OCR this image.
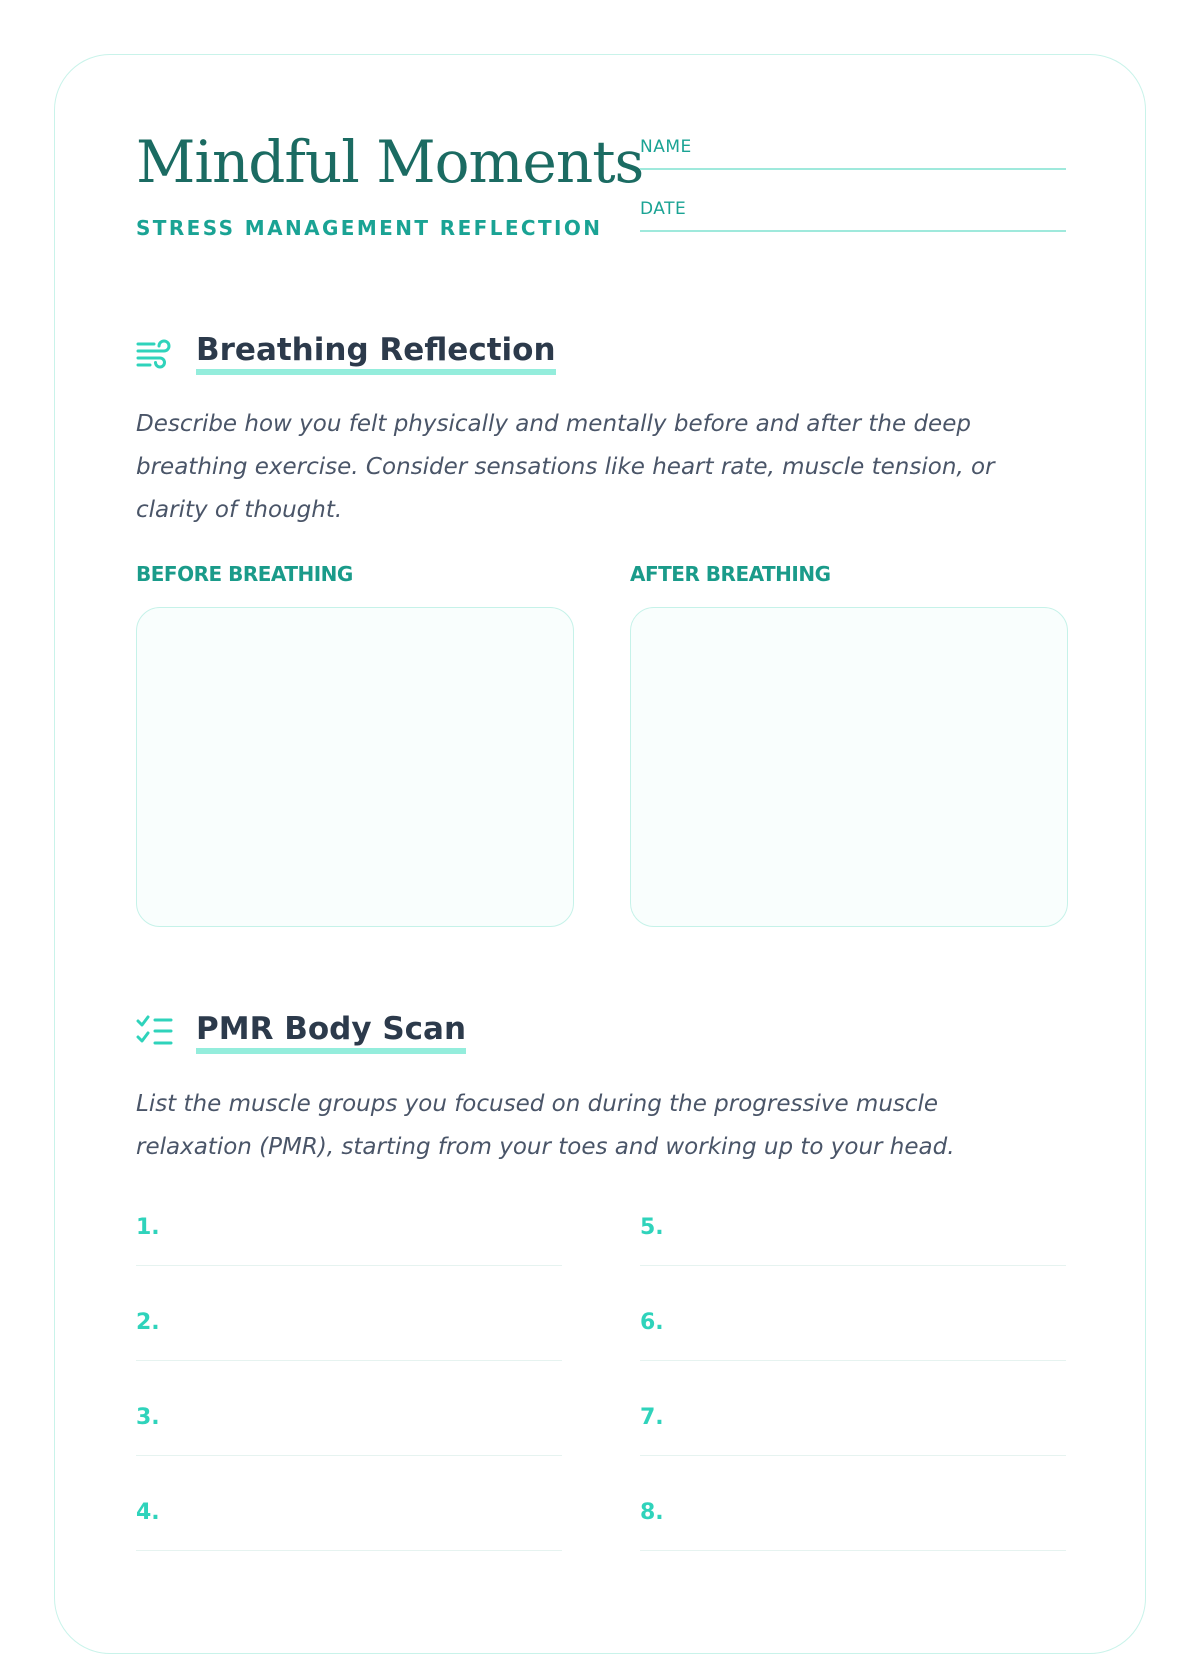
Mindful Moments
STRESS MANAGEMENT REFLECTION
NAME
DATE
Breathing Reflection

Describe how you felt physically and mentally before and after the deep breathing exercise. Consider sensations like heart rate, muscle tension, or clarity of thought.

BEFORE BREATHING	AFTER BREATHING
PMR Body Scan

List the muscle groups you focused on during the progressive muscle relaxation (PMR), starting from your toes and working up to your head.

1.
2.
3.
4.
5.
6.
7.
8.
